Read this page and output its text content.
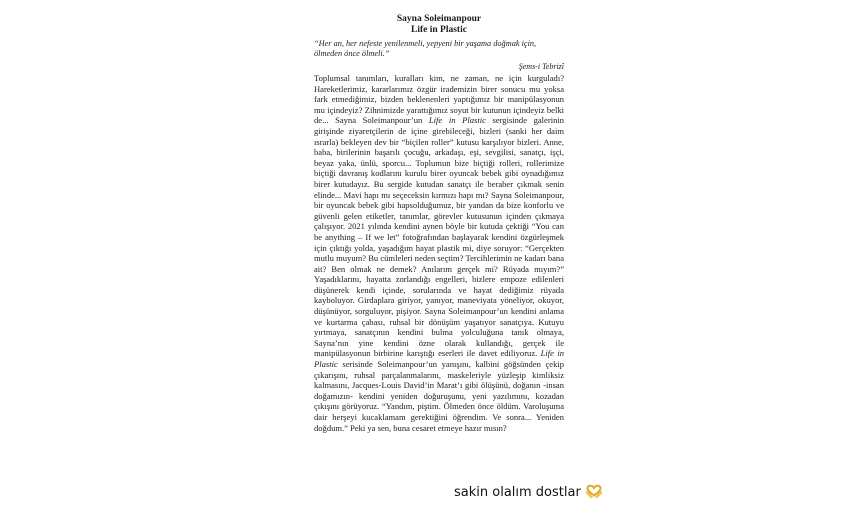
Sayna Soleimanpour

Life in Plastic

“Her an, her nefeste yenilenmeli, yepyeni bir yaşama doğmak için, ölmeden önce ölmeli.”

Şems-i Tebrizî

Toplumsal tanımları, kuralları kim, ne zaman, ne için kurguladı? Hareketlerimiz, kararlarımız özgür irademizin birer sonucu mu yoksa fark etmediğimiz, bizden beklenenleri yaptığımız bir manipülasyonun mu içindeyiz? Zihnimizde yarattığımız soyut bir kutunun içindeyiz belki de... Sayna Soleimanpour’un Life in Plastic sergisinde galerinin girişinde ziyaretçilerin de içine girebileceği, bizleri (sanki her daim ısrarla) bekleyen dev bir “biçilen roller” kutusu karşılıyor bizleri. Anne, baba, birilerinin başarılı çocuğu, arkadaşı, eşi, sevgilisi, sanatçı, işçi, beyaz yaka, ünlü, sporcu... Toplumun bize biçtiği rolleri, rollerimize biçtiği davranış kodlarını kurulu birer oyuncak bebek gibi oynadığımız birer kutudayız. Bu sergide kutudan sanatçı ile beraber çıkmak senin elinde... Mavi hapı mı seçeceksin kırmızı hapı mı? Sayna Soleimanpour, bir oyuncak bebek gibi hapsolduğumuz, bir yandan da bize konforlu ve güvenli gelen etiketler, tanımlar, görevler kutusunun içinden çıkmaya çalışıyor. 2021 yılında kendini aynen böyle bir kutuda çektiği “You can be anything – If we let” fotoğrafından başlayarak kendini özgürleşmek için çıktığı yolda, yaşadığım hayat plastik mi, diye soruyor: “Gerçekten mutlu muyum? Bu cümleleri neden seçtim? Tercihlerimin ne kadarı bana ait? Ben olmak ne demek? Anılarım gerçek mi? Rüyada mıyım?” Yaşadıklarını, hayatta zorlandığı engelleri, bizlere empoze edilenleri düşünerek kendi içinde, sorularında ve hayat dediğimiz rüyada kayboluyor. Girdaplara giriyor, yanıyor, maneviyata yöneliyor, okuyor, düşünüyor, sorguluyor, pişiyor. Sayna Soleimanpour’un kendini anlama ve kurtarma çabası, ruhsal bir dönüşüm yaşatıyor sanatçıya. Kutuyu yırtmaya, sanatçının kendini bulma yolculuğuna tanık olmaya, Sayna’nın yine kendini özne olarak kullandığı, gerçek ile manipülasyonun birbirine karıştığı eserleri ile davet ediliyoruz. Life in Plastic serisinde Soleimanpour’un yanışını, kalbini göğsünden çekip çıkarışını, ruhsal parçalanmalarını, maskeleriyle yüzleşip kimliksiz kalmasını, Jacques-Louis David’in Marat’ı gibi ölüşünü, doğanın -insan doğamızın- kendini yeniden doğuruşunu, yeni yazılımını, kozadan çıkışını görüyoruz. “Yandım, piştim. Ölmeden önce öldüm. Varoluşuma dair herşeyi kucaklamam gerektiğini öğrendim. Ve sonra... Yeniden doğdum.” Peki ya sen, buna cesaret etmeye hazır mısın?

sakin olalım dostlar
